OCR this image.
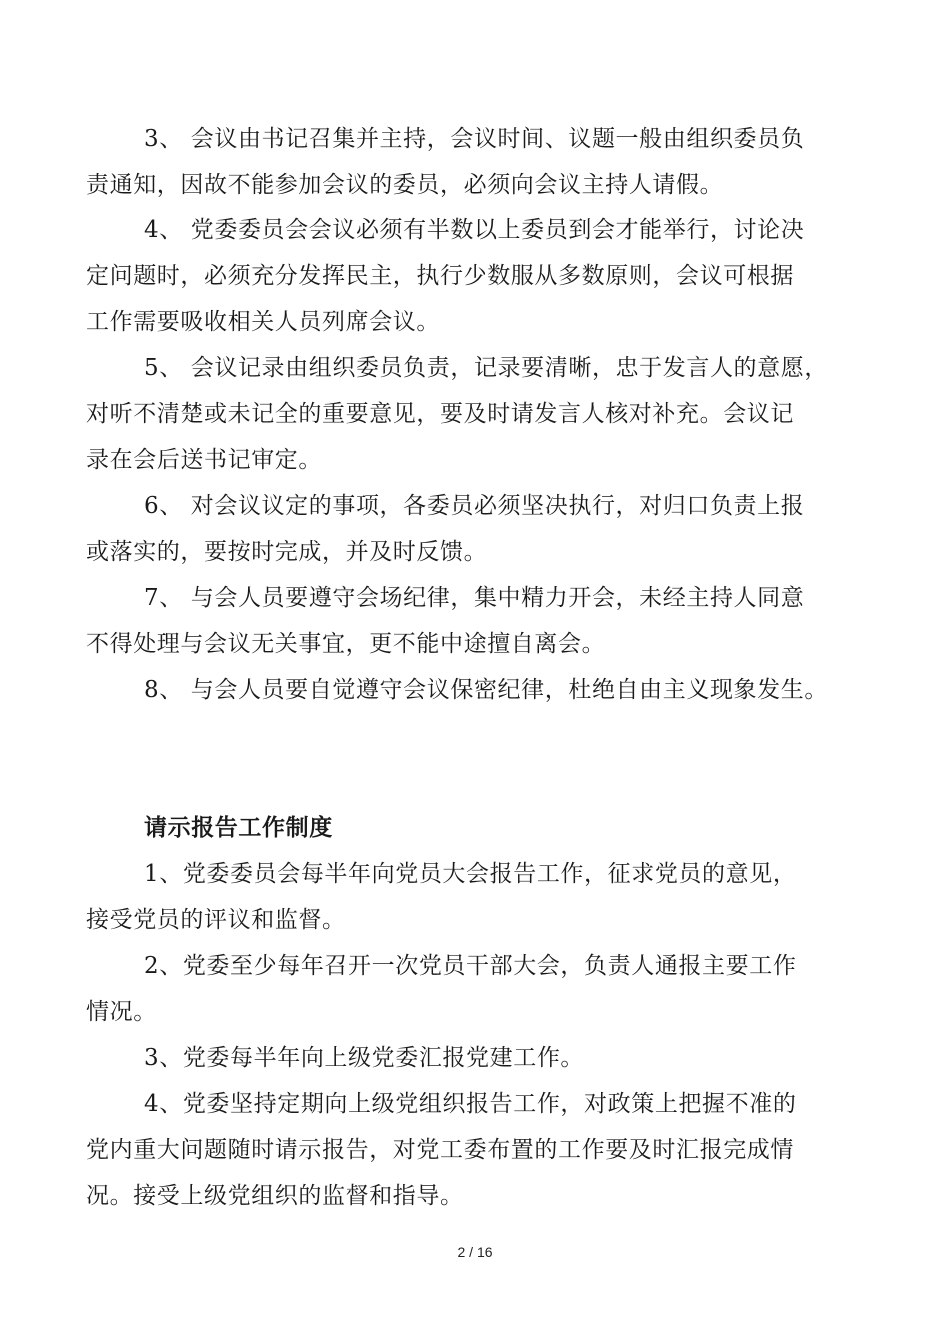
3、 会议由书记召集并主持，会议时间、议题一般由组织委员负
责通知，因故不能参加会议的委员，必须向会议主持人请假。
4、 党委委员会会议必须有半数以上委员到会才能举行，讨论决
定问题时，必须充分发挥民主，执行少数服从多数原则，会议可根据
工作需要吸收相关人员列席会议。
5、 会议记录由组织委员负责，记录要清晰，忠于发言人的意愿，
对听不清楚或未记全的重要意见，要及时请发言人核对补充。会议记
录在会后送书记审定。
6、 对会议议定的事项，各委员必须坚决执行，对归口负责上报
或落实的，要按时完成，并及时反馈。
7、 与会人员要遵守会场纪律，集中精力开会，未经主持人同意
不得处理与会议无关事宜，更不能中途擅自离会。
8、 与会人员要自觉遵守会议保密纪律，杜绝自由主义现象发生。
请示报告工作制度
1、党委委员会每半年向党员大会报告工作，征求党员的意见，
接受党员的评议和监督。
2、党委至少每年召开一次党员干部大会，负责人通报主要工作
情况。
3、党委每半年向上级党委汇报党建工作。
4、党委坚持定期向上级党组织报告工作，对政策上把握不准的
党内重大问题随时请示报告，对党工委布置的工作要及时汇报完成情
况。接受上级党组织的监督和指导。
2 / 16
